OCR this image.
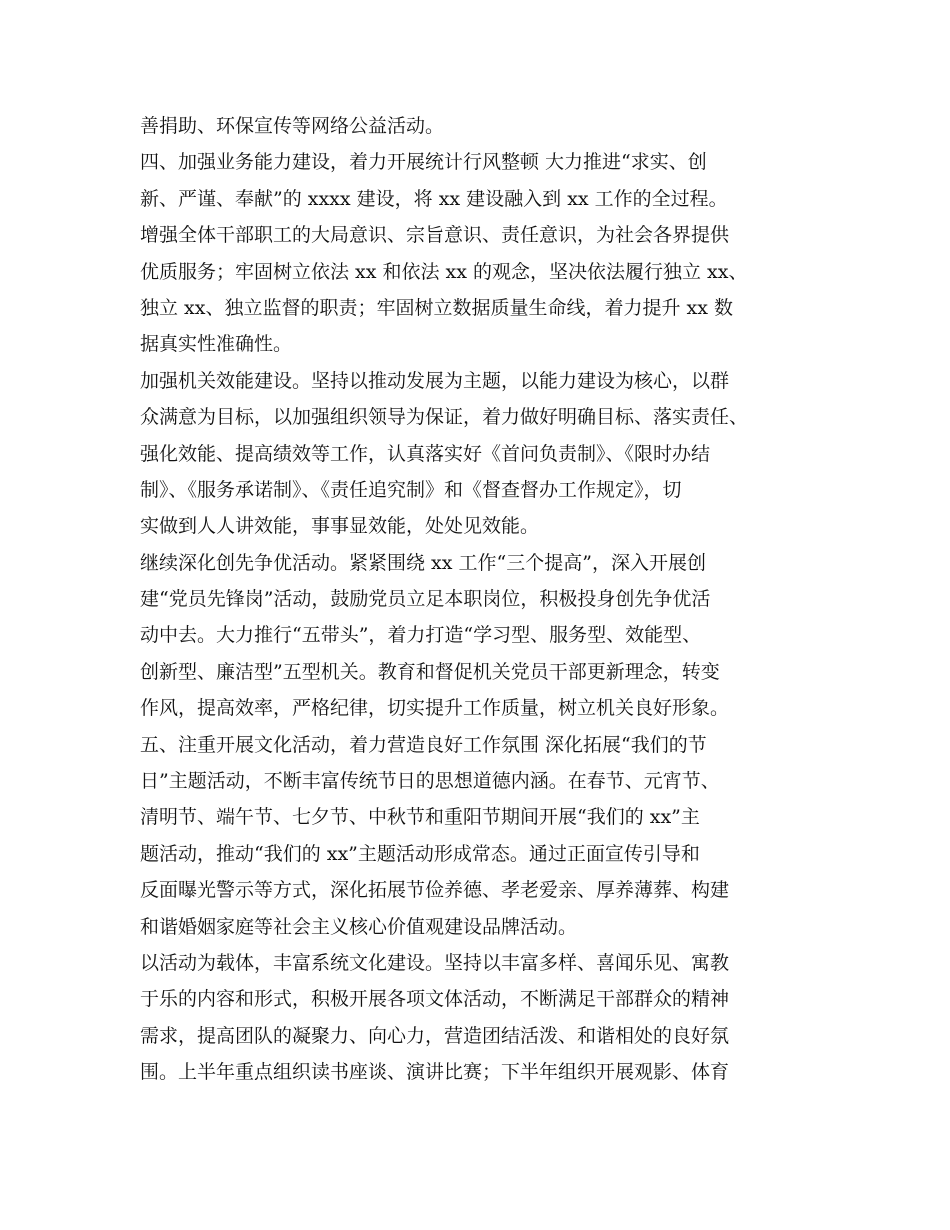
善捐助、环保宣传等网络公益活动。
四、加强业务能力建设，着力开展统计行风整顿 大力推进“求实、创
新、严谨、奉献”的 xxxx 建设，将 xx 建设融入到 xx 工作的全过程。
增强全体干部职工的大局意识、宗旨意识、责任意识，为社会各界提供
优质服务；牢固树立依法 xx 和依法 xx 的观念，坚决依法履行独立 xx、
独立 xx、独立监督的职责；牢固树立数据质量生命线，着力提升 xx 数
据真实性准确性。
加强机关效能建设。坚持以推动发展为主题，以能力建设为核心，以群
众满意为目标，以加强组织领导为保证，着力做好明确目标、落实责任、
强化效能、提高绩效等工作，认真落实好《首问负责制》、《限时办结
制》、《服务承诺制》、《责任追究制》和《督查督办工作规定》，切
实做到人人讲效能，事事显效能，处处见效能。
继续深化创先争优活动。紧紧围绕 xx 工作“三个提高”，深入开展创
建“党员先锋岗”活动，鼓励党员立足本职岗位，积极投身创先争优活
动中去。大力推行“五带头”，着力打造“学习型、服务型、效能型、
创新型、廉洁型”五型机关。教育和督促机关党员干部更新理念，转变
作风，提高效率，严格纪律，切实提升工作质量，树立机关良好形象。
五、注重开展文化活动，着力营造良好工作氛围 深化拓展“我们的节
日”主题活动，不断丰富传统节日的思想道德内涵。在春节、元宵节、
清明节、端午节、七夕节、中秋节和重阳节期间开展“我们的 xx”主
题活动，推动“我们的 xx”主题活动形成常态。通过正面宣传引导和
反面曝光警示等方式，深化拓展节俭养德、孝老爱亲、厚养薄葬、构建
和谐婚姻家庭等社会主义核心价值观建设品牌活动。
以活动为载体，丰富系统文化建设。坚持以丰富多样、喜闻乐见、寓教
于乐的内容和形式，积极开展各项文体活动，不断满足干部群众的精神
需求，提高团队的凝聚力、向心力，营造团结活泼、和谐相处的良好氛
围。上半年重点组织读书座谈、演讲比赛；下半年组织开展观影、体育
